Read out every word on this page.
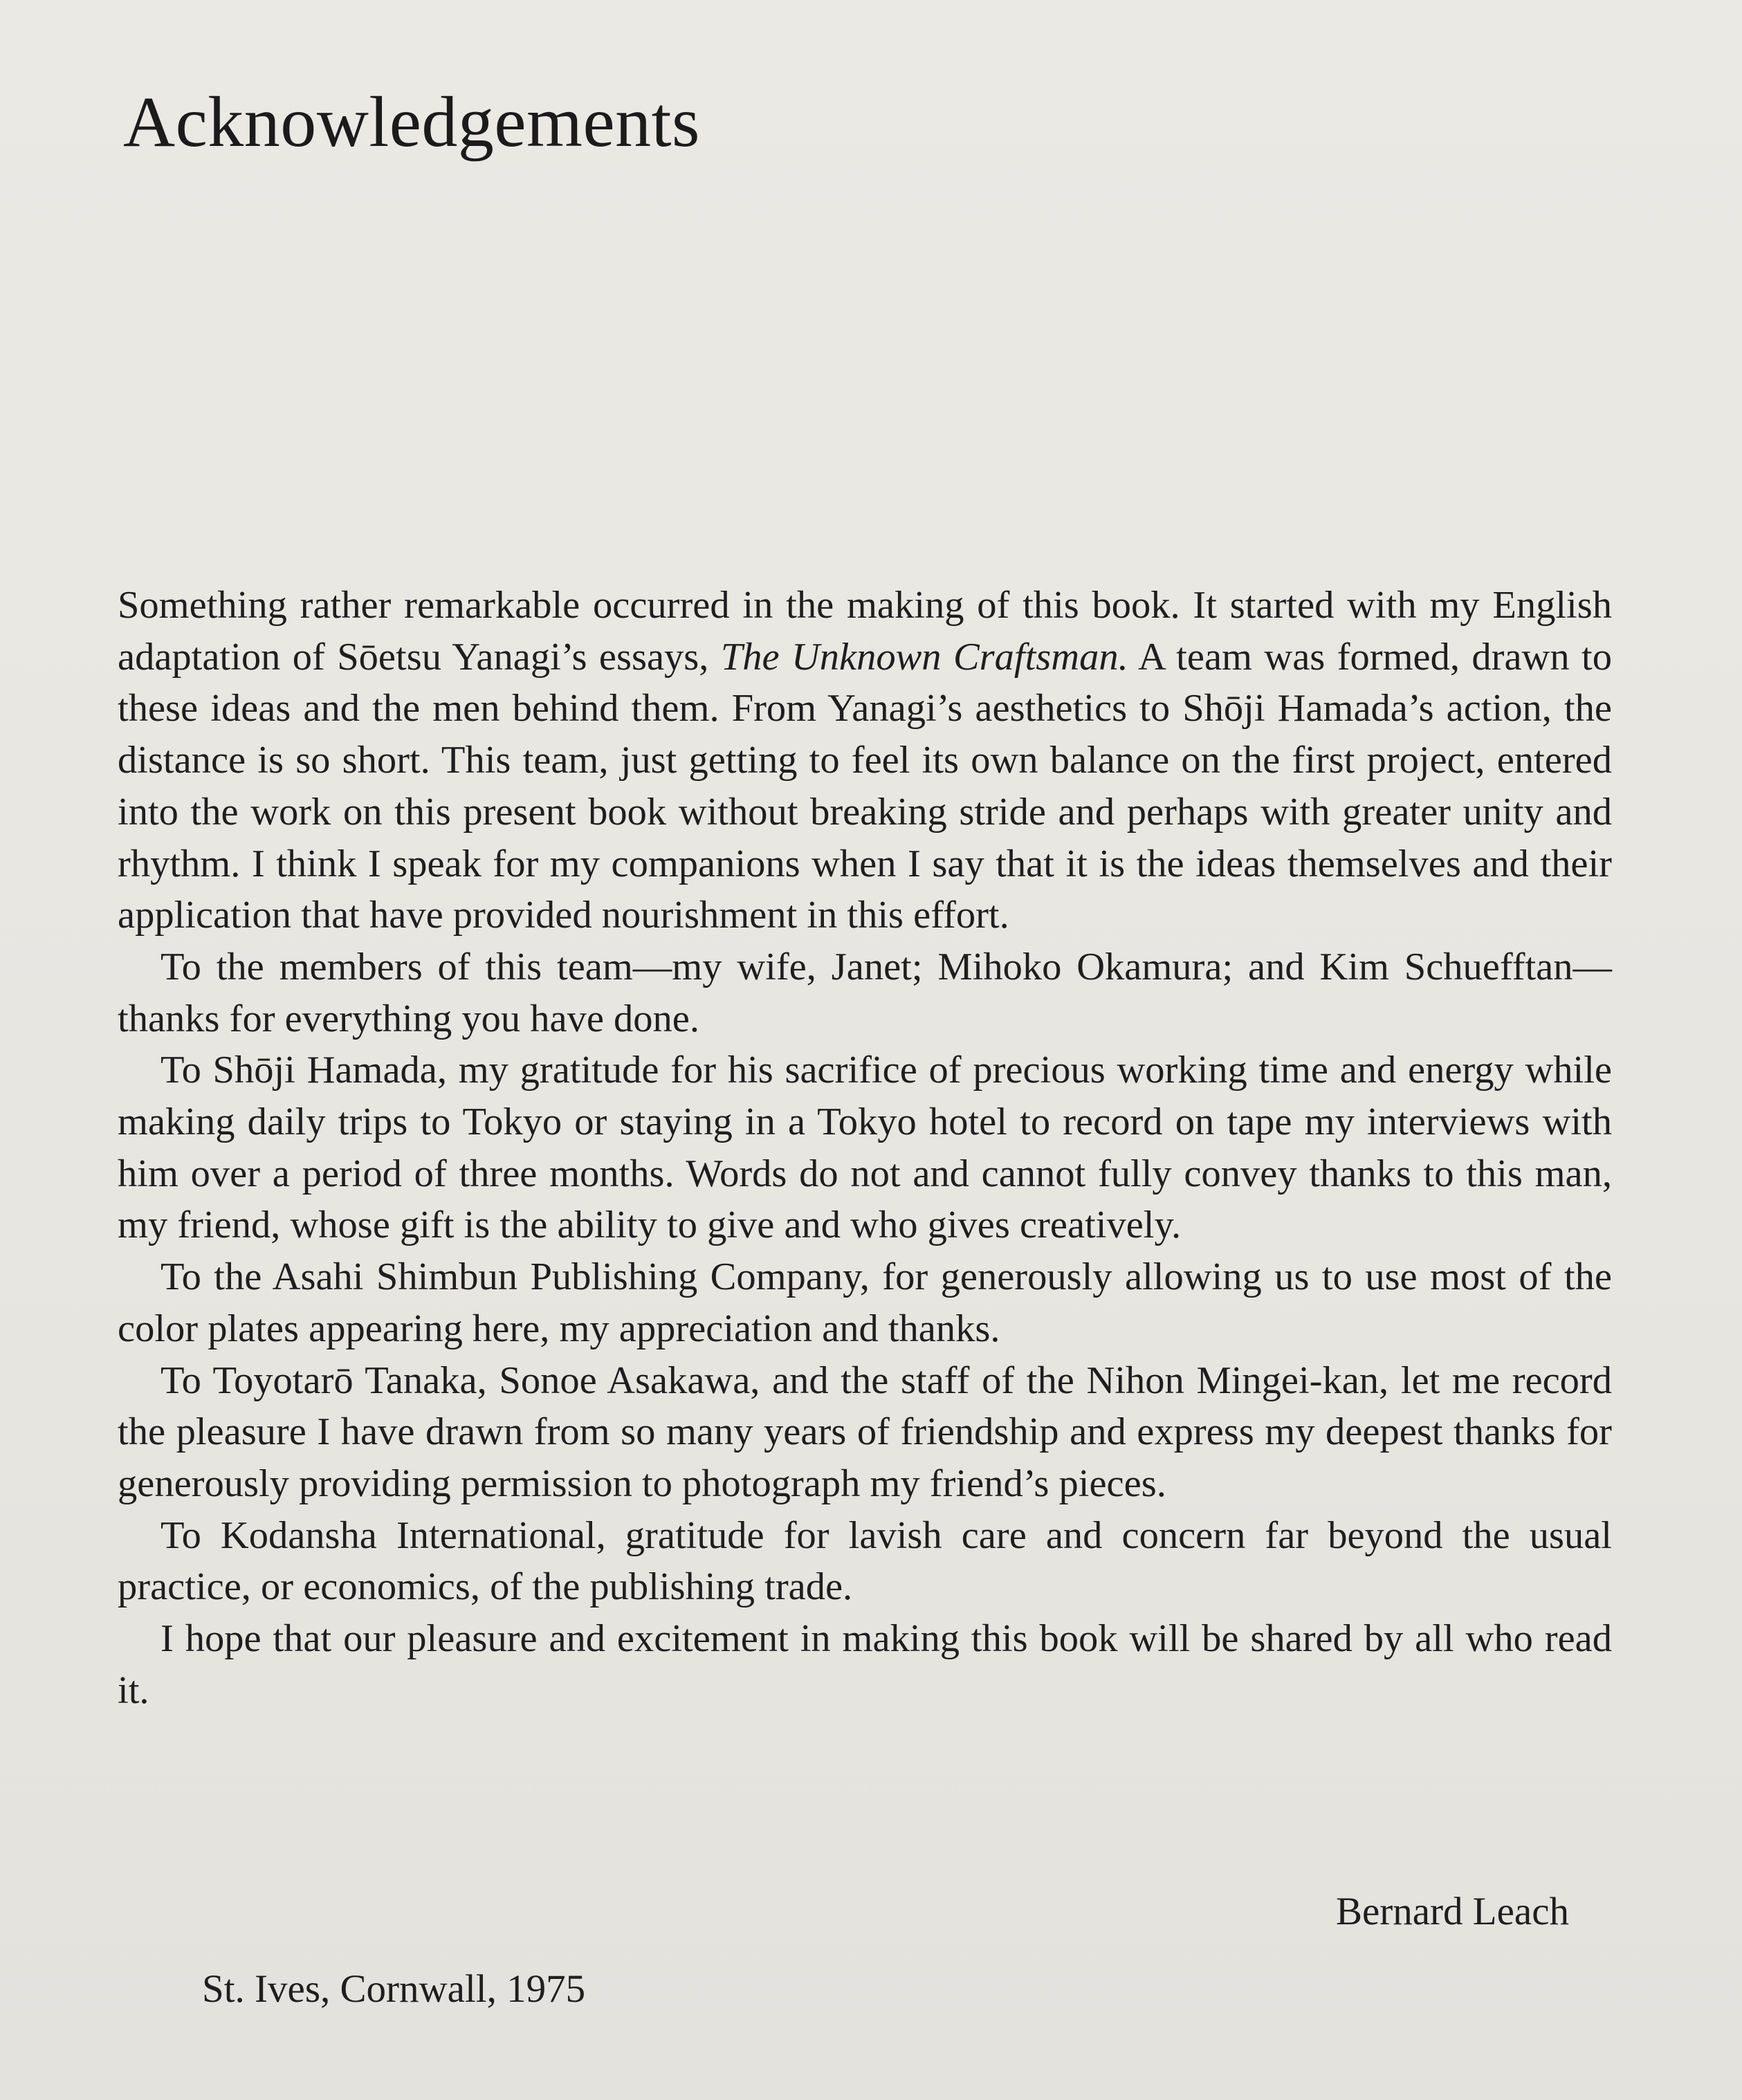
Acknowledgements

Something rather remarkable occurred in the making of this book. It started with my English adaptation of Sōetsu Yanagi’s essays, The Unknown Craftsman. A team was formed, drawn to these ideas and the men behind them. From Yanagi’s aesthetics to Shōji Hamada’s action, the distance is so short. This team, just getting to feel its own balance on the first project, entered into the work on this present book without breaking stride and perhaps with greater unity and rhythm. I think I speak for my companions when I say that it is the ideas themselves and their application that have provided nourishment in this effort.

To the members of this team—my wife, Janet; Mihoko Okamura; and Kim Schuefftan—thanks for everything you have done.

To Shōji Hamada, my gratitude for his sacrifice of precious working time and energy while making daily trips to Tokyo or staying in a Tokyo hotel to record on tape my interviews with him over a period of three months. Words do not and cannot fully convey thanks to this man, my friend, whose gift is the ability to give and who gives creatively.

To the Asahi Shimbun Publishing Company, for generously allowing us to use most of the color plates appearing here, my appreciation and thanks.

To Toyotarō Tanaka, Sonoe Asakawa, and the staff of the Nihon Mingei-kan, let me record the pleasure I have drawn from so many years of friendship and express my deepest thanks for generously providing permission to photograph my friend’s pieces.

To Kodansha International, gratitude for lavish care and concern far beyond the usual practice, or economics, of the publishing trade.

I hope that our pleasure and excitement in making this book will be shared by all who read it.

Bernard Leach
St. Ives, Cornwall, 1975
